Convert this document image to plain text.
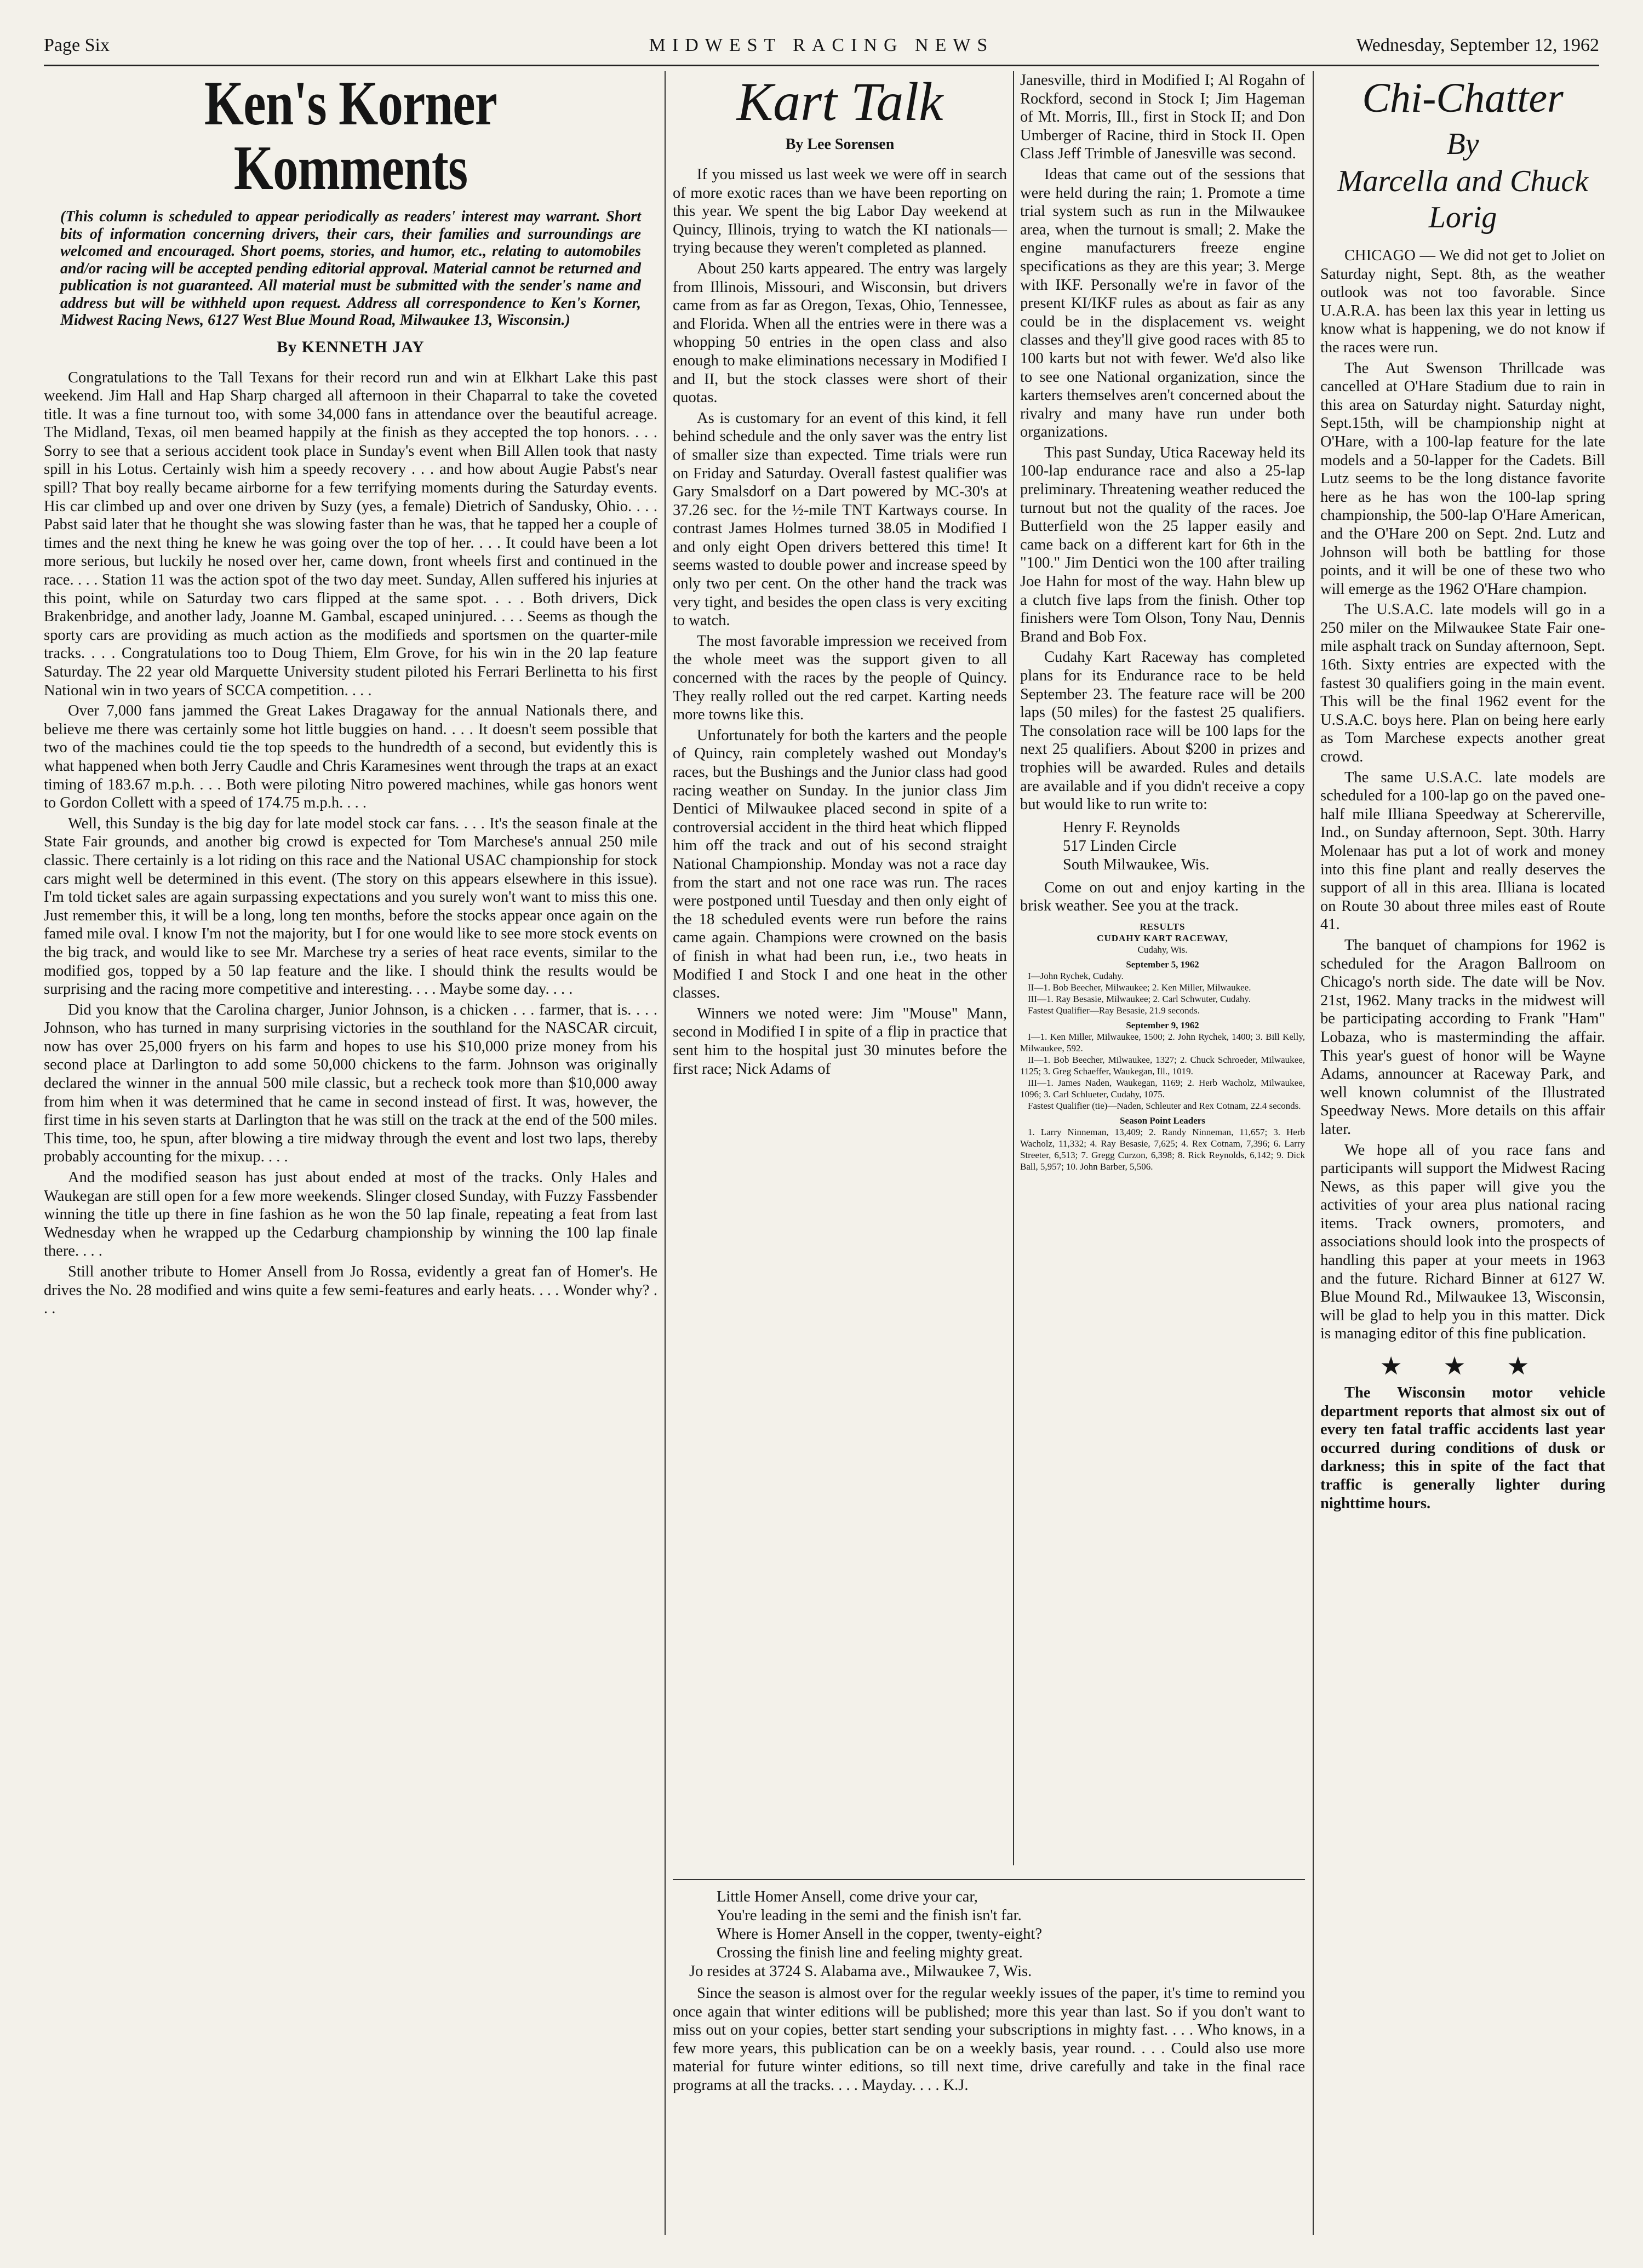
Page Six	MIDWEST RACING NEWS	Wednesday, September 12, 1962
Ken's Korner Komments
(This column is scheduled to appear periodically as readers' interest may warrant. Short bits of information concerning drivers, their cars, their families and surroundings are welcomed and encouraged. Short poems, stories, and humor, etc., relating to automobiles and/or racing will be accepted pending editorial approval. Material cannot be returned and publication is not guaranteed. All material must be submitted with the sender's name and address but will be withheld upon request. Address all correspondence to Ken's Korner, Midwest Racing News, 6127 West Blue Mound Road, Milwaukee 13, Wisconsin.)
By KENNETH JAY

Congratulations to the Tall Texans for their record run and win at Elkhart Lake this past weekend. Jim Hall and Hap Sharp charged all afternoon in their Chaparral to take the coveted title. It was a fine turnout too, with some 34,000 fans in attendance over the beautiful acreage. The Midland, Texas, oil men beamed happily at the finish as they accepted the top honors. . . . Sorry to see that a serious accident took place in Sunday's event when Bill Allen took that nasty spill in his Lotus. Certainly wish him a speedy recovery . . . and how about Augie Pabst's near spill? That boy really became airborne for a few terrifying moments during the Saturday events. His car climbed up and over one driven by Suzy (yes, a female) Dietrich of Sandusky, Ohio. . . . Pabst said later that he thought she was slowing faster than he was, that he tapped her a couple of times and the next thing he knew he was going over the top of her. . . . It could have been a lot more serious, but luckily he nosed over her, came down, front wheels first and continued in the race. . . . Station 11 was the action spot of the two day meet. Sunday, Allen suffered his injuries at this point, while on Saturday two cars flipped at the same spot. . . . Both drivers, Dick Brakenbridge, and another lady, Joanne M. Gambal, escaped uninjured. . . . Seems as though the sporty cars are providing as much action as the modifieds and sportsmen on the quarter-mile tracks. . . . Congratulations too to Doug Thiem, Elm Grove, for his win in the 20 lap feature Saturday. The 22 year old Marquette University student piloted his Ferrari Berlinetta to his first National win in two years of SCCA competition. . . .

Over 7,000 fans jammed the Great Lakes Dragaway for the annual Nationals there, and believe me there was certainly some hot little buggies on hand. . . . It doesn't seem possible that two of the machines could tie the top speeds to the hundredth of a second, but evidently this is what happened when both Jerry Caudle and Chris Karamesines went through the traps at an exact timing of 183.67 m.p.h. . . . Both were piloting Nitro powered machines, while gas honors went to Gordon Collett with a speed of 174.75 m.p.h. . . .

Well, this Sunday is the big day for late model stock car fans. . . . It's the season finale at the State Fair grounds, and another big crowd is expected for Tom Marchese's annual 250 mile classic. There certainly is a lot riding on this race and the National USAC championship for stock cars might well be determined in this event. (The story on this appears elsewhere in this issue). I'm told ticket sales are again surpassing expectations and you surely won't want to miss this one. Just remember this, it will be a long, long ten months, before the stocks appear once again on the famed mile oval. I know I'm not the majority, but I for one would like to see more stock events on the big track, and would like to see Mr. Marchese try a series of heat race events, similar to the modified gos, topped by a 50 lap feature and the like. I should think the results would be surprising and the racing more competitive and interesting. . . . Maybe some day. . . .

Did you know that the Carolina charger, Junior Johnson, is a chicken . . . farmer, that is. . . . Johnson, who has turned in many surprising victories in the southland for the NASCAR circuit, now has over 25,000 fryers on his farm and hopes to use his $10,000 prize money from his second place at Darlington to add some 50,000 chickens to the farm. Johnson was originally declared the winner in the annual 500 mile classic, but a recheck took more than $10,000 away from him when it was determined that he came in second instead of first. It was, however, the first time in his seven starts at Darlington that he was still on the track at the end of the 500 miles. This time, too, he spun, after blowing a tire midway through the event and lost two laps, thereby probably accounting for the mixup. . . .

And the modified season has just about ended at most of the tracks. Only Hales and Waukegan are still open for a few more weekends. Slinger closed Sunday, with Fuzzy Fassbender winning the title up there in fine fashion as he won the 50 lap finale, repeating a feat from last Wednesday when he wrapped up the Cedarburg championship by winning the 100 lap finale there. . . .

Still another tribute to Homer Ansell from Jo Rossa, evidently a great fan of Homer's. He drives the No. 28 modified and wins quite a few semi-features and early heats. . . . Wonder why? . . .

Kart Talk
By Lee Sorensen

If you missed us last week we were off in search of more exotic races than we have been reporting on this year. We spent the big Labor Day weekend at Quincy, Illinois, trying to watch the KI nationals—trying because they weren't completed as planned.

About 250 karts appeared. The entry was largely from Illinois, Missouri, and Wisconsin, but drivers came from as far as Oregon, Texas, Ohio, Tennessee, and Florida. When all the entries were in there was a whopping 50 entries in the open class and also enough to make eliminations necessary in Modified I and II, but the stock classes were short of their quotas.

As is customary for an event of this kind, it fell behind schedule and the only saver was the entry list of smaller size than expected. Time trials were run on Friday and Saturday. Overall fastest qualifier was Gary Smalsdorf on a Dart powered by MC-30's at 37.26 sec. for the ½-mile TNT Kartways course. In contrast James Holmes turned 38.05 in Modified I and only eight Open drivers bettered this time! It seems wasted to double power and increase speed by only two per cent. On the other hand the track was very tight, and besides the open class is very exciting to watch.

The most favorable impression we received from the whole meet was the support given to all concerned with the races by the people of Quincy. They really rolled out the red carpet. Karting needs more towns like this.

Unfortunately for both the karters and the people of Quincy, rain completely washed out Monday's races, but the Bushings and the Junior class had good racing weather on Sunday. In the junior class Jim Dentici of Milwaukee placed second in spite of a controversial accident in the third heat which flipped him off the track and out of his second straight National Championship. Monday was not a race day from the start and not one race was run. The races were postponed until Tuesday and then only eight of the 18 scheduled events were run before the rains came again. Champions were crowned on the basis of finish in what had been run, i.e., two heats in Modified I and Stock I and one heat in the other classes.

Winners we noted were: Jim "Mouse" Mann, second in Modified I in spite of a flip in practice that sent him to the hospital just 30 minutes before the first race; Nick Adams of

Janesville, third in Modified I; Al Rogahn of Rockford, second in Stock I; Jim Hageman of Mt. Morris, Ill., first in Stock II; and Don Umberger of Racine, third in Stock II. Open Class Jeff Trimble of Janesville was second.

Ideas that came out of the sessions that were held during the rain; 1. Promote a time trial system such as run in the Milwaukee area, when the turnout is small; 2. Make the engine manufacturers freeze engine specifications as they are this year; 3. Merge with IKF. Personally we're in favor of the present KI/IKF rules as about as fair as any could be in the displacement vs. weight classes and they'll give good races with 85 to 100 karts but not with fewer. We'd also like to see one National organization, since the karters themselves aren't concerned about the rivalry and many have run under both organizations.

This past Sunday, Utica Raceway held its 100-lap endurance race and also a 25-lap preliminary. Threatening weather reduced the turnout but not the quality of the races. Joe Butterfield won the 25 lapper easily and came back on a different kart for 6th in the "100." Jim Dentici won the 100 after trailing Joe Hahn for most of the way. Hahn blew up a clutch five laps from the finish. Other top finishers were Tom Olson, Tony Nau, Dennis Brand and Bob Fox.

Cudahy Kart Raceway has completed plans for its Endurance race to be held September 23. The feature race will be 200 laps (50 miles) for the fastest 25 qualifiers. The consolation race will be 100 laps for the next 25 qualifiers. About $200 in prizes and trophies will be awarded. Rules and details are available and if you didn't receive a copy but would like to run write to:

Henry F. Reynolds
517 Linden Circle
South Milwaukee, Wis.

Come on out and enjoy karting in the brisk weather. See you at the track.

RESULTS
CUDAHY KART RACEWAY,
Cudahy, Wis.

September 5, 1962

I—John Rychek, Cudahy.

II—1. Bob Beecher, Milwaukee; 2. Ken Miller, Milwaukee.

III—1. Ray Besasie, Milwaukee; 2. Carl Schwuter, Cudahy.

Fastest Qualifier—Ray Besasie, 21.9 seconds.

September 9, 1962

I—1. Ken Miller, Milwaukee, 1500; 2. John Rychek, 1400; 3. Bill Kelly, Milwaukee, 592.

II—1. Bob Beecher, Milwaukee, 1327; 2. Chuck Schroeder, Milwaukee, 1125; 3. Greg Schaeffer, Waukegan, Ill., 1019.

III—1. James Naden, Waukegan, 1169; 2. Herb Wacholz, Milwaukee, 1096; 3. Carl Schlueter, Cudahy, 1075.

Fastest Qualifier (tie)—Naden, Schleuter and Rex Cotnam, 22.4 seconds.

Season Point Leaders

1. Larry Ninneman, 13,409; 2. Randy Ninneman, 11,657; 3. Herb Wacholz, 11,332; 4. Ray Besasie, 7,625; 4. Rex Cotnam, 7,396; 6. Larry Streeter, 6,513; 7. Gregg Curzon, 6,398; 8. Rick Reynolds, 6,142; 9. Dick Ball, 5,957; 10. John Barber, 5,506.

Chi-Chatter
By
Marcella and Chuck Lorig

CHICAGO — We did not get to Joliet on Saturday night, Sept. 8th, as the weather outlook was not too favorable. Since U.A.R.A. has been lax this year in letting us know what is happening, we do not know if the races were run.

The Aut Swenson Thrillcade was cancelled at O'Hare Stadium due to rain in this area on Saturday night. Saturday night, Sept.15th, will be championship night at O'Hare, with a 100-lap feature for the late models and a 50-lapper for the Cadets. Bill Lutz seems to be the long distance favorite here as he has won the 100-lap spring championship, the 500-lap O'Hare American, and the O'Hare 200 on Sept. 2nd. Lutz and Johnson will both be battling for those points, and it will be one of these two who will emerge as the 1962 O'Hare champion.

The U.S.A.C. late models will go in a 250 miler on the Milwaukee State Fair one-mile asphalt track on Sunday afternoon, Sept. 16th. Sixty entries are expected with the fastest 30 qualifiers going in the main event. This will be the final 1962 event for the U.S.A.C. boys here. Plan on being here early as Tom Marchese expects another great crowd.

The same U.S.A.C. late models are scheduled for a 100-lap go on the paved one-half mile Illiana Speedway at Schererville, Ind., on Sunday afternoon, Sept. 30th. Harry Molenaar has put a lot of work and money into this fine plant and really deserves the support of all in this area. Illiana is located on Route 30 about three miles east of Route 41.

The banquet of champions for 1962 is scheduled for the Aragon Ballroom on Chicago's north side. The date will be Nov. 21st, 1962. Many tracks in the midwest will be participating according to Frank "Ham" Lobaza, who is masterminding the affair. This year's guest of honor will be Wayne Adams, announcer at Raceway Park, and well known columnist of the Illustrated Speedway News. More details on this affair later.

We hope all of you race fans and participants will support the Midwest Racing News, as this paper will give you the activities of your area plus national racing items. Track owners, promoters, and associations should look into the prospects of handling this paper at your meets in 1963 and the future. Richard Binner at 6127 W. Blue Mound Rd., Milwaukee 13, Wisconsin, will be glad to help you in this matter. Dick is managing editor of this fine publication.

★ ★ ★

The Wisconsin motor vehicle department reports that almost six out of every ten fatal traffic accidents last year occurred during conditions of dusk or darkness; this in spite of the fact that traffic is generally lighter during nighttime hours.

Little Homer Ansell, come drive your car,
You're leading in the semi and the finish isn't far.
Where is Homer Ansell in the copper, twenty-eight?
Crossing the finish line and feeling mighty great.
Jo resides at 3724 S. Alabama ave., Milwaukee 7, Wis.

Since the season is almost over for the regular weekly issues of the paper, it's time to remind you once again that winter editions will be published; more this year than last. So if you don't want to miss out on your copies, better start sending your subscriptions in mighty fast. . . . Who knows, in a few more years, this publication can be on a weekly basis, year round. . . . Could also use more material for future winter editions, so till next time, drive carefully and take in the final race programs at all the tracks. . . . Mayday. . . . K.J.
